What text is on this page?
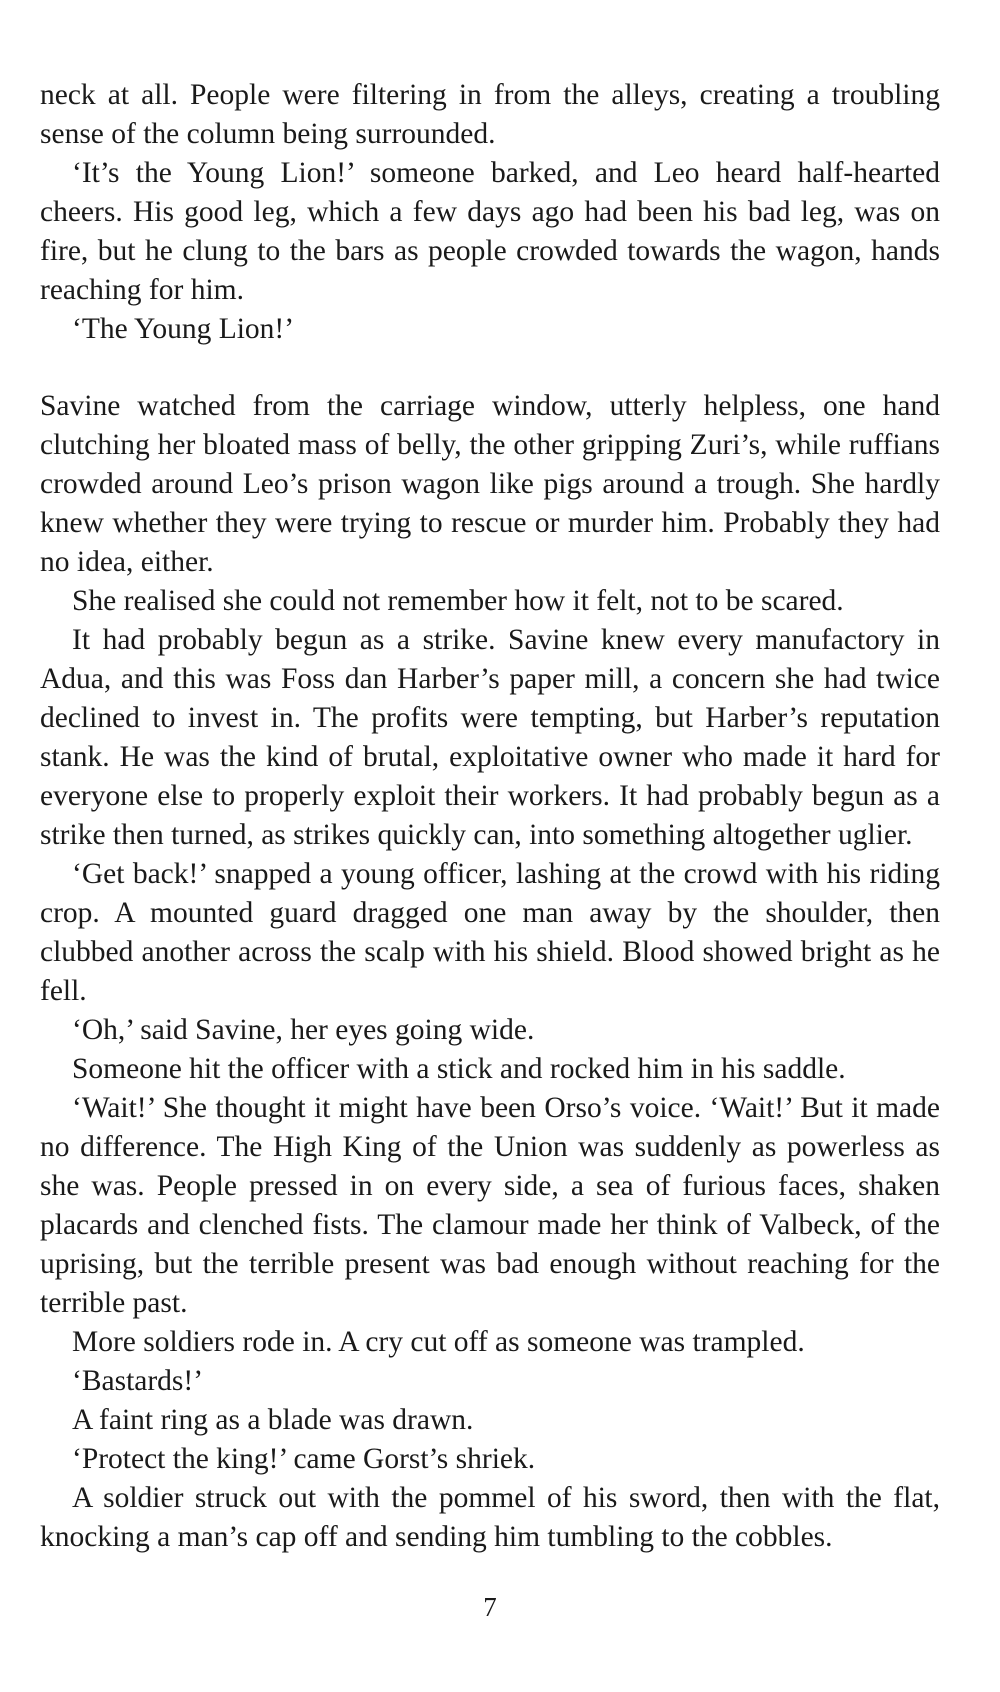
neck at all. People were filtering in from the alleys, creating a troubling sense of the column being surrounded.

‘It’s the Young Lion!’ someone barked, and Leo heard half-hearted cheers. His good leg, which a few days ago had been his bad leg, was on fire, but he clung to the bars as people crowded towards the wagon, hands reaching for him.

‘The Young Lion!’

Savine watched from the carriage window, utterly helpless, one hand clutching her bloated mass of belly, the other gripping Zuri’s, while ruffians crowded around Leo’s prison wagon like pigs around a trough. She hardly knew whether they were trying to rescue or murder him. Probably they had no idea, either.

She realised she could not remember how it felt, not to be scared.

It had probably begun as a strike. Savine knew every manufactory in Adua, and this was Foss dan Harber’s paper mill, a concern she had twice declined to invest in. The profits were tempting, but Harber’s reputation stank. He was the kind of brutal, exploitative owner who made it hard for everyone else to properly exploit their workers. It had probably begun as a strike then turned, as strikes quickly can, into something altogether uglier.

‘Get back!’ snapped a young officer, lashing at the crowd with his riding crop. A mounted guard dragged one man away by the shoulder, then clubbed another across the scalp with his shield. Blood showed bright as he fell.

‘Oh,’ said Savine, her eyes going wide.

Someone hit the officer with a stick and rocked him in his saddle.

‘Wait!’ She thought it might have been Orso’s voice. ‘Wait!’ But it made no difference. The High King of the Union was suddenly as powerless as she was. People pressed in on every side, a sea of furious faces, shaken placards and clenched fists. The clamour made her think of Valbeck, of the uprising, but the terrible present was bad enough without reaching for the terrible past.

More soldiers rode in. A cry cut off as someone was trampled.

‘Bastards!’

A faint ring as a blade was drawn.

‘Protect the king!’ came Gorst’s shriek.

A soldier struck out with the pommel of his sword, then with the flat, knocking a man’s cap off and sending him tumbling to the cobbles.

7
